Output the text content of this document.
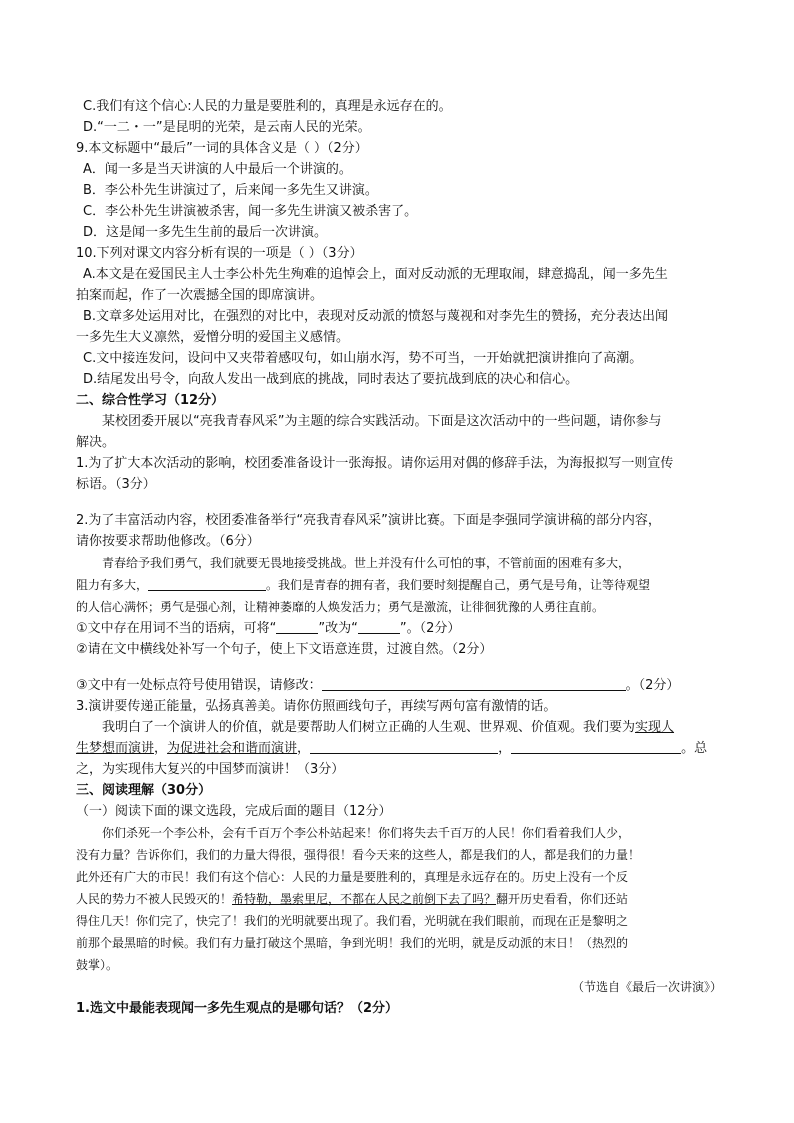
C.我们有这个信心:人民的力量是要胜利的，真理是永远存在的。
D.“一二・一”是昆明的光荣，是云南人民的光荣。
9.本文标题中“最后”一词的具体含义是（ ）（2分）
A．闻一多是当天讲演的人中最后一个讲演的。
B．李公朴先生讲演过了，后来闻一多先生又讲演。
C．李公朴先生讲演被杀害，闻一多先生讲演又被杀害了。
D．这是闻一多先生生前的最后一次讲演。
10.下列对课文内容分析有误的一项是（ ）（3分）
A.本文是在爱国民主人士李公朴先生殉难的追悼会上，面对反动派的无理取闹，肆意捣乱，闻一多先生
拍案而起，作了一次震撼全国的即席演讲。
B.文章多处运用对比，在强烈的对比中，表现对反动派的愤怒与蔑视和对李先生的赞扬，充分表达出闻
一多先生大义凛然，爱憎分明的爱国主义感情。
C.文中接连发问，设问中又夹带着感叹句，如山崩水泻，势不可当，一开始就把演讲推向了高潮。
D.结尾发出号令，向敌人发出一战到底的挑战，同时表达了要抗战到底的决心和信心。
二、综合性学习（12分）
某校团委开展以“亮我青春风采”为主题的综合实践活动。下面是这次活动中的一些问题，请你参与
解决。
1.为了扩大本次活动的影响，校团委准备设计一张海报。请你运用对偶的修辞手法，为海报拟写一则宣传
标语。（3分）
2.为了丰富活动内容，校团委准备举行“亮我青春风采”演讲比赛。下面是李强同学演讲稿的部分内容，
请你按要求帮助他修改。（6分）
青春给予我们勇气，我们就要无畏地接受挑战。世上并没有什么可怕的事，不管前面的困难有多大，
阻力有多大，	。我们是青春的拥有者，我们要时刻提醒自己，勇气是号角，让等待观望
的人信心满怀；勇气是强心剂，让精神萎靡的人焕发活力；勇气是激流，让徘徊犹豫的人勇往直前。
①文中存在用词不当的语病，可将“	”改为“	”。（2分）
②请在文中横线处补写一个句子，使上下文语意连贯，过渡自然。（2分）
③文中有一处标点符号使用错误，请修改：	。（2分）
3.演讲要传递正能量，弘扬真善美。请你仿照画线句子，再续写两句富有激情的话。
我明白了一个演讲人的价值，就是要帮助人们树立正确的人生观、世界观、价值观。我们要为实现人
生梦想而演讲，为促进社会和谐而演讲，	，	。总
之，为实现伟大复兴的中国梦而演讲！（3分）
三、阅读理解（30分）
（一）阅读下面的课文选段，完成后面的题目（12分）
你们杀死一个李公朴，会有千百万个李公朴站起来！你们将失去千百万的人民！你们看着我们人少，
没有力量？告诉你们，我们的力量大得很，强得很！看今天来的这些人，都是我们的人，都是我们的力量！
此外还有广大的市民！我们有这个信心：人民的力量是要胜利的，真理是永远存在的。历史上没有一个反
人民的势力不被人民毁灭的！希特勒，墨索里尼，不都在人民之前倒下去了吗？翻开历史看看，你们还站
得住几天！你们完了，快完了！我们的光明就要出现了。我们看，光明就在我们眼前，而现在正是黎明之
前那个最黑暗的时候。我们有力量打破这个黑暗，争到光明！我们的光明，就是反动派的末日！（热烈的
鼓掌）。
（节选自《最后一次讲演》）
1.选文中最能表现闻一多先生观点的是哪句话？（2分）
